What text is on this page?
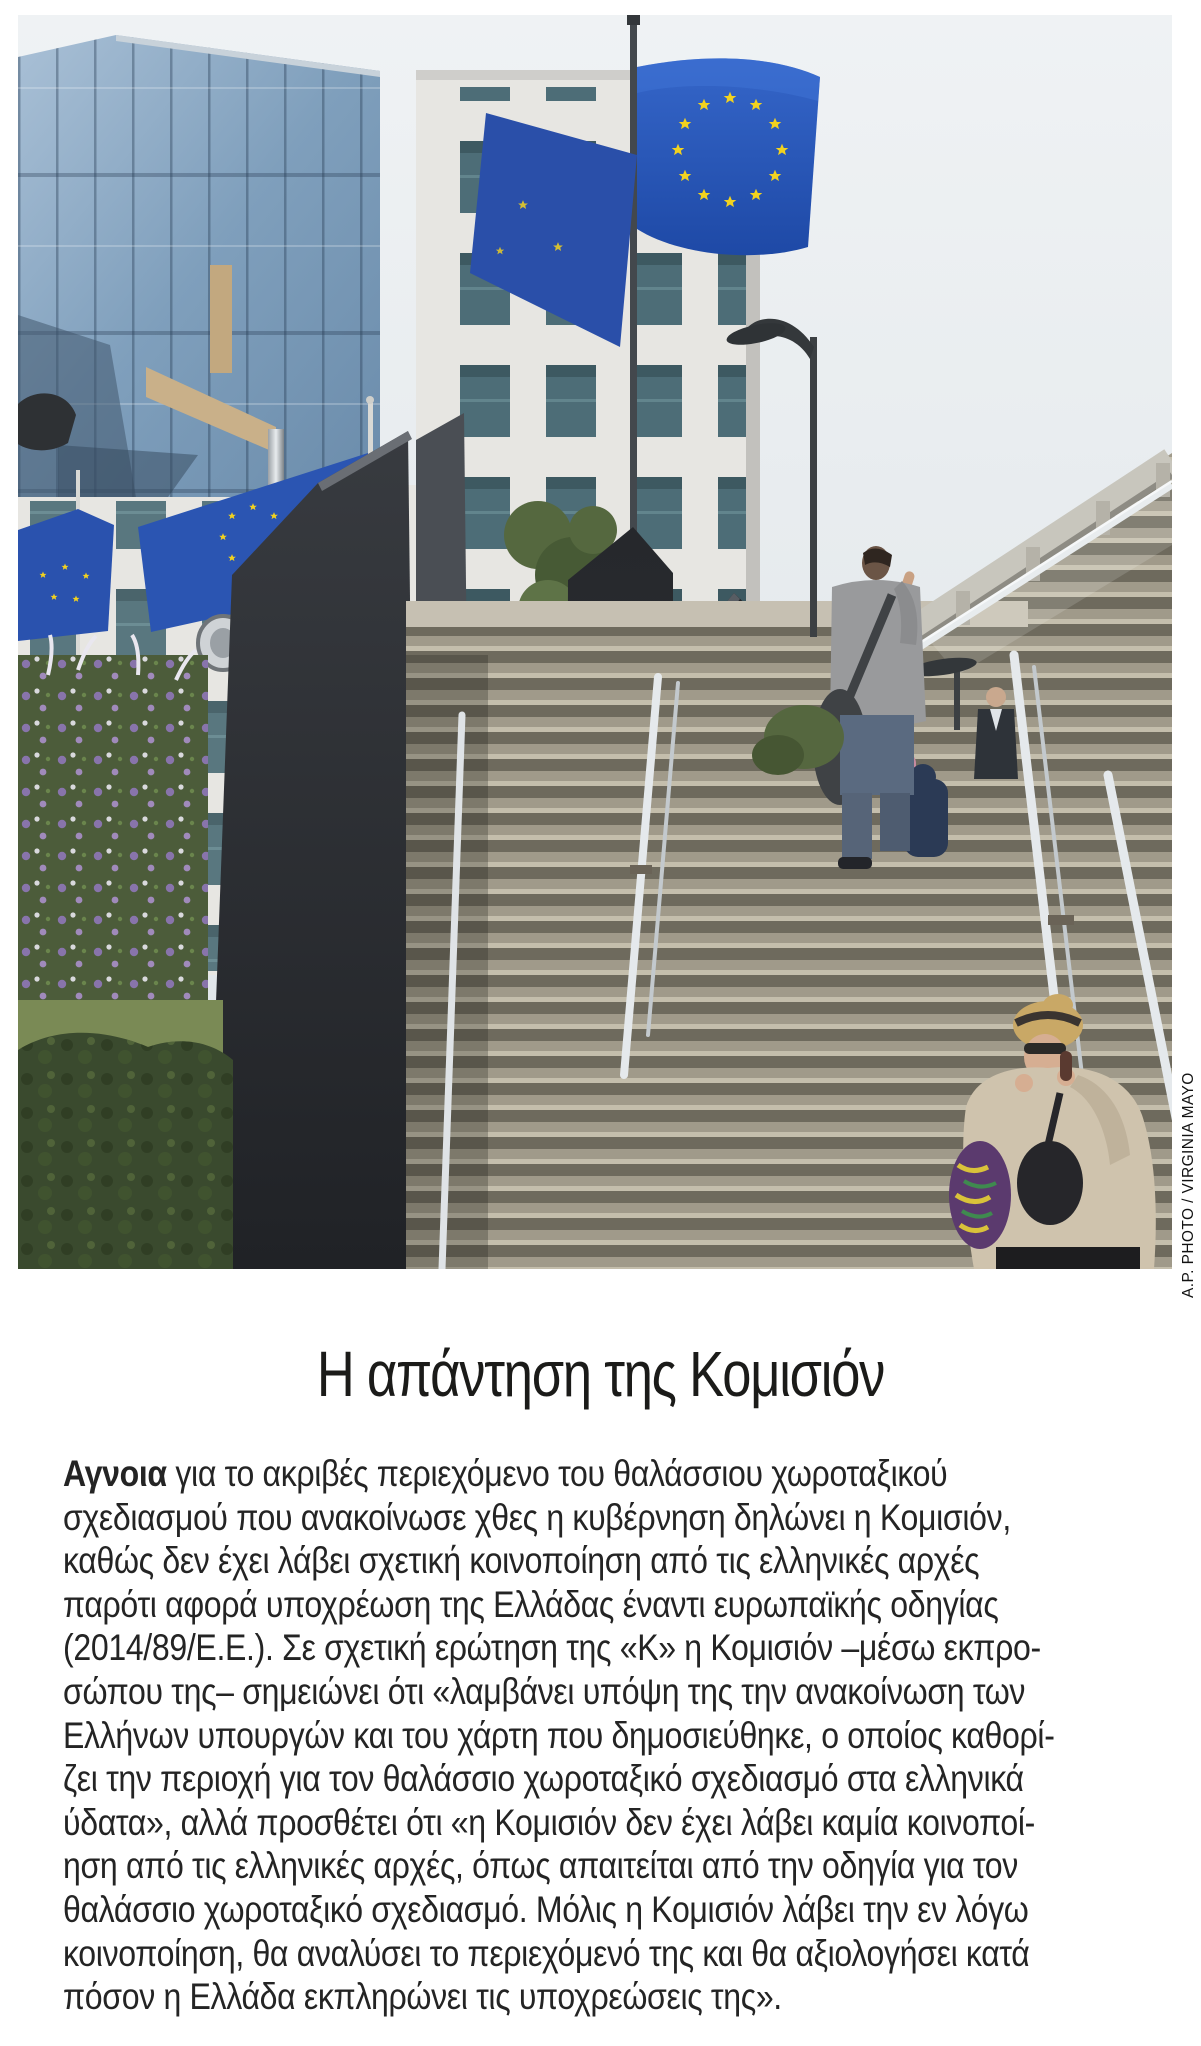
A.P. PHOTO / VIRGINIA MAYO
Η απάντηση της Κομισιόν
Αγνοια για το ακριβές περιεχόμενο του θαλάσσιου χωροταξικού
σχεδιασμού που ανακοίνωσε χθες η κυβέρνηση δηλώνει η Κομισιόν,
καθώς δεν έχει λάβει σχετική κοινοποίηση από τις ελληνικές αρχές
παρότι αφορά υποχρέωση της Ελλάδας έναντι ευρωπαϊκής οδηγίας
(2014/89/Ε.Ε.). Σε σχετική ερώτηση της «Κ» η Κομισιόν –μέσω εκπρο-
σώπου της– σημειώνει ότι «λαμβάνει υπόψη της την ανακοίνωση των
Ελλήνων υπουργών και του χάρτη που δημοσιεύθηκε, ο οποίος καθορί-
ζει την περιοχή για τον θαλάσσιο χωροταξικό σχεδιασμό στα ελληνικά
ύδατα», αλλά προσθέτει ότι «η Κομισιόν δεν έχει λάβει καμία κοινοποί-
ηση από τις ελληνικές αρχές, όπως απαιτείται από την οδηγία για τον
θαλάσσιο χωροταξικό σχεδιασμό. Μόλις η Κομισιόν λάβει την εν λόγω
κοινοποίηση, θα αναλύσει το περιεχόμενό της και θα αξιολογήσει κατά
πόσον η Ελλάδα εκπληρώνει τις υποχρεώσεις της».
